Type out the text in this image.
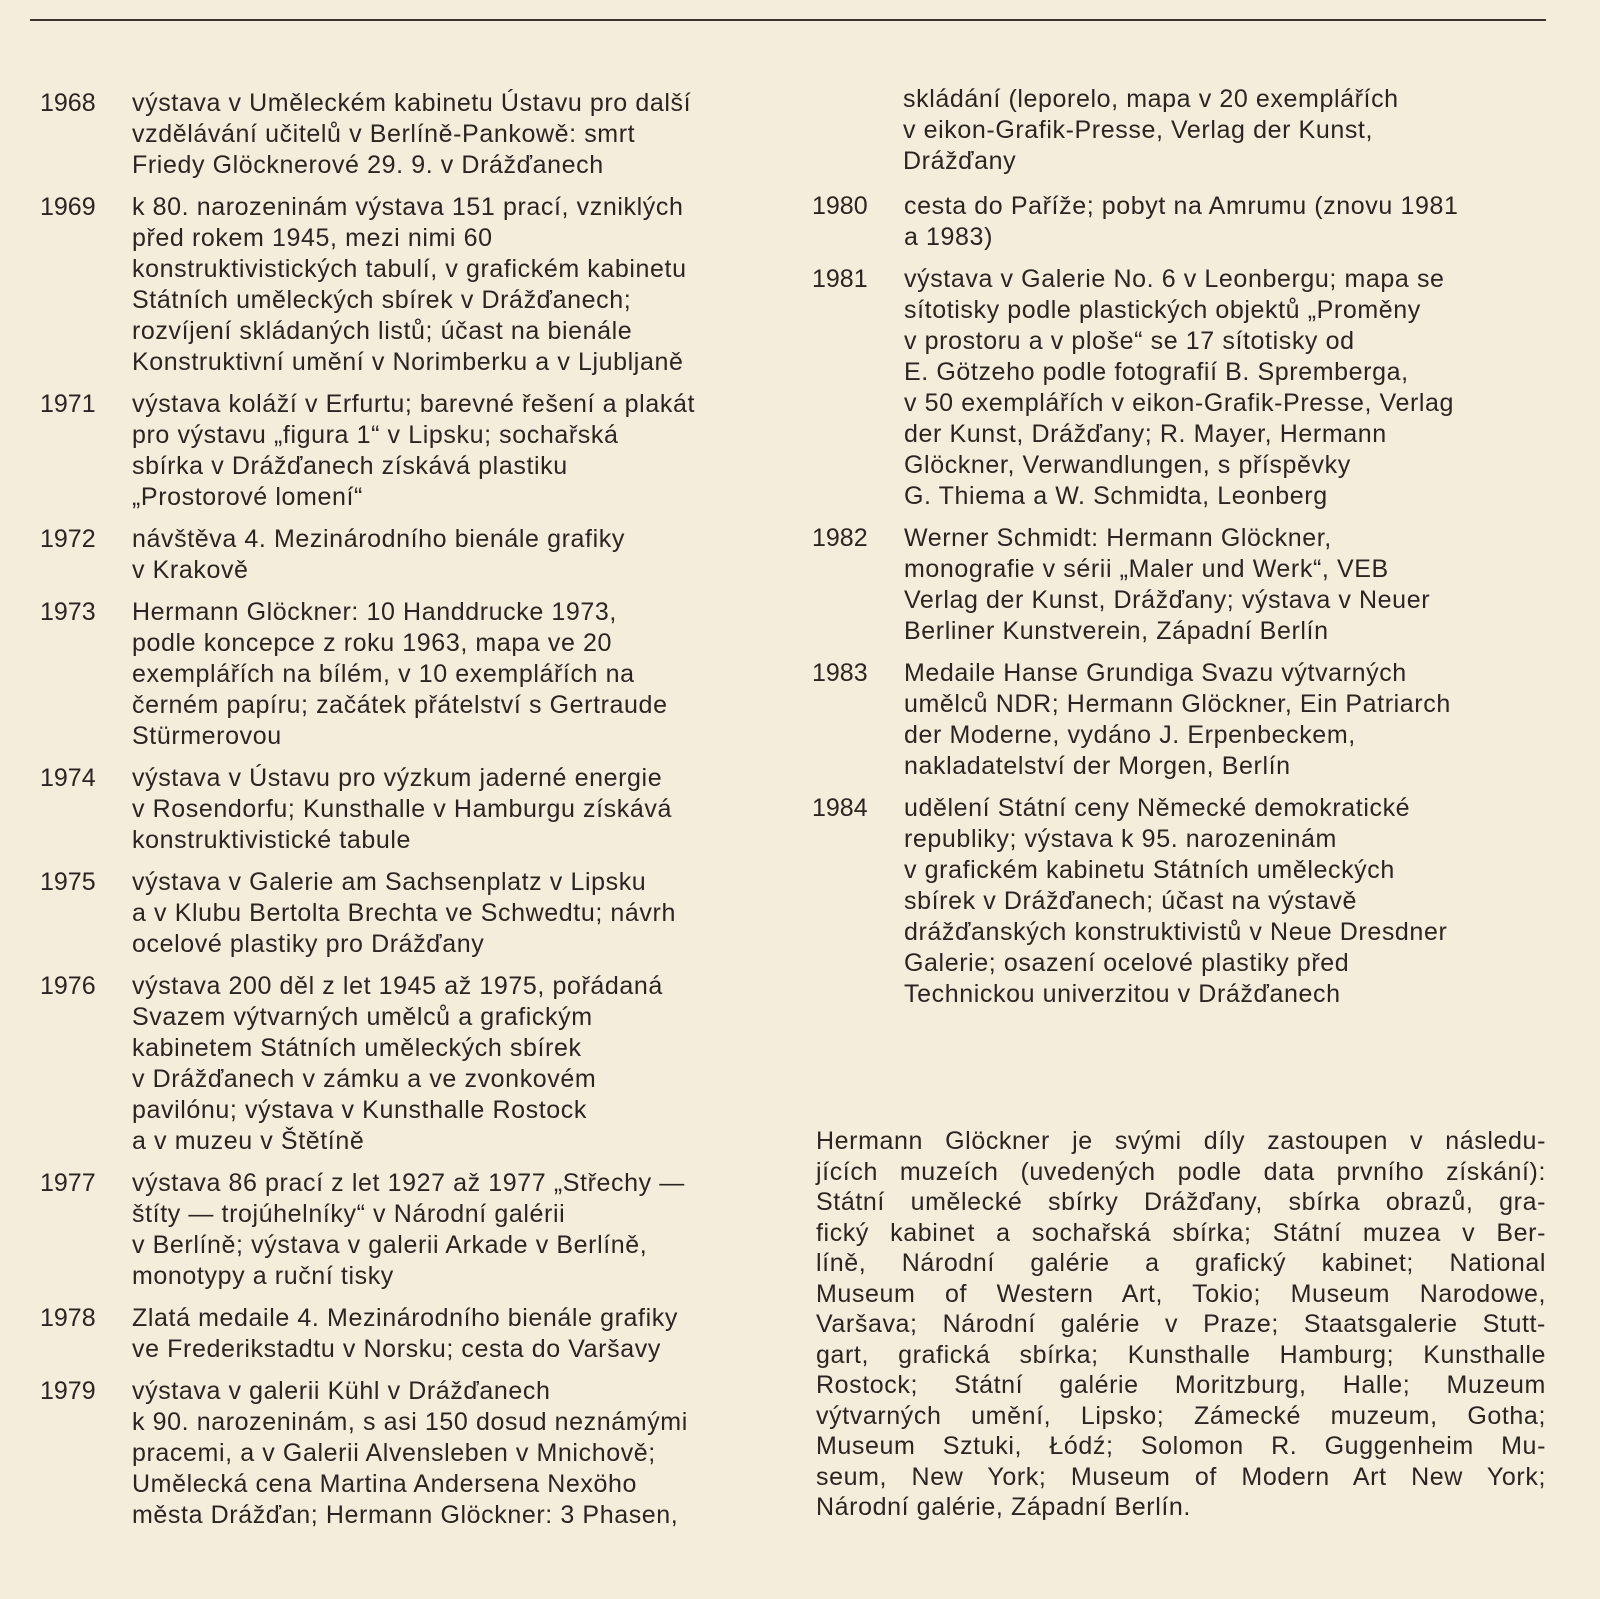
1968	výstava v Uměleckém kabinetu Ústavu pro další
vzdělávání učitelů v Berlíně-Pankowě: smrt
Friedy Glöcknerové 29. 9. v Drážďanech
1969	k 80. narozeninám výstava 151 prací, vzniklých
před rokem 1945, mezi nimi 60
konstruktivistických tabulí, v grafickém kabinetu
Státních uměleckých sbírek v Drážďanech;
rozvíjení skládaných listů; účast na bienále
Konstruktivní umění v Norimberku a v Ljubljaně
1971	výstava koláží v Erfurtu; barevné řešení a plakát
pro výstavu „figura 1“ v Lipsku; sochařská
sbírka v Drážďanech získává plastiku
„Prostorové lomení“
1972	návštěva 4. Mezinárodního bienále grafiky
v Krakově
1973	Hermann Glöckner: 10 Handdrucke 1973,
podle koncepce z roku 1963, mapa ve 20
exemplářích na bílém, v 10 exemplářích na
černém papíru; začátek přátelství s Gertraude
Stürmerovou
1974	výstava v Ústavu pro výzkum jaderné energie
v Rosendorfu; Kunsthalle v Hamburgu získává
konstruktivistické tabule
1975	výstava v Galerie am Sachsenplatz v Lipsku
a v Klubu Bertolta Brechta ve Schwedtu; návrh
ocelové plastiky pro Drážďany
1976	výstava 200 děl z let 1945 až 1975, pořádaná
Svazem výtvarných umělců a grafickým
kabinetem Státních uměleckých sbírek
v Drážďanech v zámku a ve zvonkovém
pavilónu; výstava v Kunsthalle Rostock
a v muzeu v Štětíně
1977	výstava 86 prací z let 1927 až 1977 „Střechy —
štíty — trojúhelníky“ v Národní galérii
v Berlíně; výstava v galerii Arkade v Berlíně,
monotypy a ruční tisky
1978	Zlatá medaile 4. Mezinárodního bienále grafiky
ve Frederikstadtu v Norsku; cesta do Varšavy
1979	výstava v galerii Kühl v Drážďanech
k 90. narozeninám, s asi 150 dosud neznámými
pracemi, a v Galerii Alvensleben v Mnichově;
Umělecká cena Martina Andersena Nexöho
města Drážďan; Hermann Glöckner: 3 Phasen,
skládání (leporelo, mapa v 20 exemplářích
v eikon-Grafik-Presse, Verlag der Kunst,
Drážďany
1980	cesta do Paříže; pobyt na Amrumu (znovu 1981
a 1983)
1981	výstava v Galerie No. 6 v Leonbergu; mapa se
sítotisky podle plastických objektů „Proměny
v prostoru a v ploše“ se 17 sítotisky od
E. Götzeho podle fotografií B. Spremberga,
v 50 exemplářích v eikon-Grafik-Presse, Verlag
der Kunst, Drážďany; R. Mayer, Hermann
Glöckner, Verwandlungen, s příspěvky
G. Thiema a W. Schmidta, Leonberg
1982	Werner Schmidt: Hermann Glöckner,
monografie v sérii „Maler und Werk“, VEB
Verlag der Kunst, Drážďany; výstava v Neuer
Berliner Kunstverein, Západní Berlín
1983	Medaile Hanse Grundiga Svazu výtvarných
umělců NDR; Hermann Glöckner, Ein Patriarch
der Moderne, vydáno J. Erpenbeckem,
nakladatelství der Morgen, Berlín
1984	udělení Státní ceny Německé demokratické
republiky; výstava k 95. narozeninám
v grafickém kabinetu Státních uměleckých
sbírek v Drážďanech; účast na výstavě
drážďanských konstruktivistů v Neue Dresdner
Galerie; osazení ocelové plastiky před
Technickou univerzitou v Drážďanech
Hermann Glöckner je svými díly zastoupen v následu-
jících muzeích (uvedených podle data prvního získání):
Státní umělecké sbírky Drážďany, sbírka obrazů, gra-
fický kabinet a sochařská sbírka; Státní muzea v Ber-
líně, Národní galérie a grafický kabinet; National
Museum of Western Art, Tokio; Museum Narodowe,
Varšava; Národní galérie v Praze; Staatsgalerie Stutt-
gart, grafická sbírka; Kunsthalle Hamburg; Kunsthalle
Rostock; Státní galérie Moritzburg, Halle; Muzeum
výtvarných umění, Lipsko; Zámecké muzeum, Gotha;
Museum Sztuki, Łódź; Solomon R. Guggenheim Mu-
seum, New York; Museum of Modern Art New York;
Národní galérie, Západní Berlín.
